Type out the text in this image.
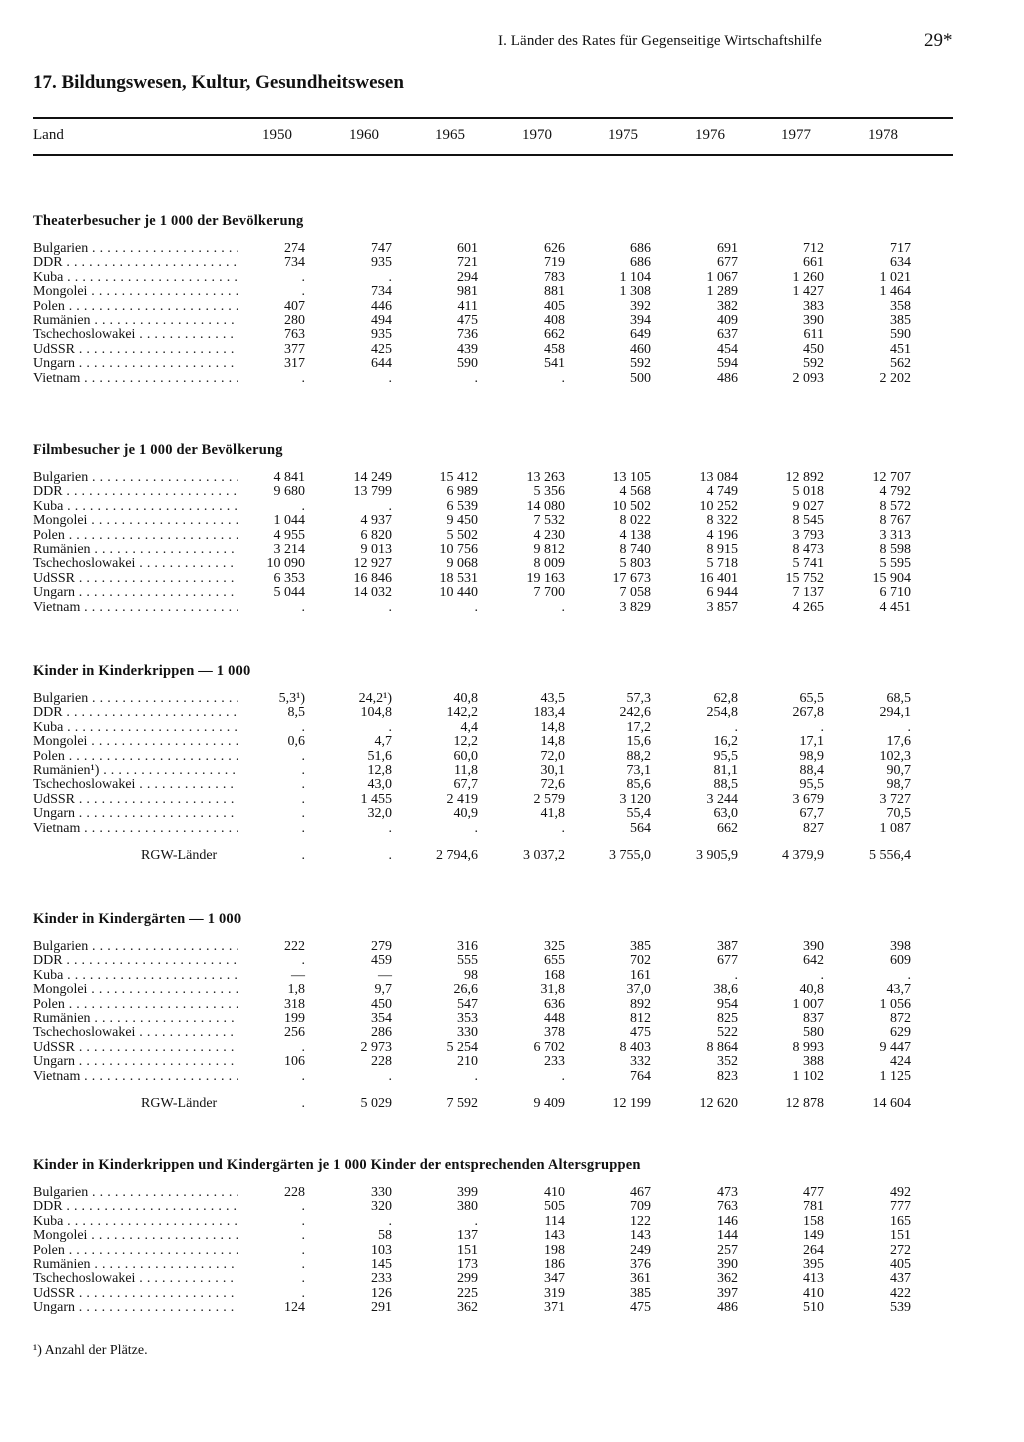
I. Länder des Rates für Gegenseitige Wirtschaftshilfe	29*
17. Bildungswesen, Kultur, Gesundheitswesen
Land	1950	1960	1965	1970	1975	1976	1977	1978
Theaterbesucher je 1 000 der Bevölkerung
Bulgarien . . .	274	747	601	626	686	691	712	717
DDR . . .	734	935	721	719	686	677	661	634
Kuba . . .	.	.	294	783	1 104	1 067	1 260	1 021
Mongolei . . .	.	734	981	881	1 308	1 289	1 427	1 464
Polen . . .	407	446	411	405	392	382	383	358
Rumänien . . .	280	494	475	408	394	409	390	385
Tschechoslowakei . . .	763	935	736	662	649	637	611	590
UdSSR . . .	377	425	439	458	460	454	450	451
Ungarn . . .	317	644	590	541	592	594	592	562
Vietnam . . .	.	.	.	.	500	486	2 093	2 202
Filmbesucher je 1 000 der Bevölkerung
Bulgarien . . .	4 841	14 249	15 412	13 263	13 105	13 084	12 892	12 707
DDR . . .	9 680	13 799	6 989	5 356	4 568	4 749	5 018	4 792
Kuba . . .	.	.	6 539	14 080	10 502	10 252	9 027	8 572
Mongolei . . .	1 044	4 937	9 450	7 532	8 022	8 322	8 545	8 767
Polen . . .	4 955	6 820	5 502	4 230	4 138	4 196	3 793	3 313
Rumänien . . .	3 214	9 013	10 756	9 812	8 740	8 915	8 473	8 598
Tschechoslowakei . . .	10 090	12 927	9 068	8 009	5 803	5 718	5 741	5 595
UdSSR . . .	6 353	16 846	18 531	19 163	17 673	16 401	15 752	15 904
Ungarn . . .	5 044	14 032	10 440	7 700	7 058	6 944	7 137	6 710
Vietnam . . .	.	.	.	.	3 829	3 857	4 265	4 451
Kinder in Kinderkrippen — 1 000
Bulgarien . . .	5,3¹)	24,2¹)	40,8	43,5	57,3	62,8	65,5	68,5
DDR . . .	8,5	104,8	142,2	183,4	242,6	254,8	267,8	294,1
Kuba . . .	.	.	4,4	14,8	17,2	.	.	.
Mongolei . . .	0,6	4,7	12,2	14,8	15,6	16,2	17,1	17,6
Polen . . .	.	51,6	60,0	72,0	88,2	95,5	98,9	102,3
Rumänien¹) . . .	.	12,8	11,8	30,1	73,1	81,1	88,4	90,7
Tschechoslowakei . . .	.	43,0	67,7	72,6	85,6	88,5	95,5	98,7
UdSSR . . .	.	1 455	2 419	2 579	3 120	3 244	3 679	3 727
Ungarn . . .	.	32,0	40,9	41,8	55,4	63,0	67,7	70,5
Vietnam . . .	.	.	.	.	564	662	827	1 087
RGW-Länder	.	.	2 794,6	3 037,2	3 755,0	3 905,9	4 379,9	5 556,4
Kinder in Kindergärten — 1 000
Bulgarien . . .	222	279	316	325	385	387	390	398
DDR . . .	.	459	555	655	702	677	642	609
Kuba . . .	—	—	98	168	161	.	.	.
Mongolei . . .	1,8	9,7	26,6	31,8	37,0	38,6	40,8	43,7
Polen . . .	318	450	547	636	892	954	1 007	1 056
Rumänien . . .	199	354	353	448	812	825	837	872
Tschechoslowakei . . .	256	286	330	378	475	522	580	629
UdSSR . . .	.	2 973	5 254	6 702	8 403	8 864	8 993	9 447
Ungarn . . .	106	228	210	233	332	352	388	424
Vietnam . . .	.	.	.	.	764	823	1 102	1 125
RGW-Länder	.	5 029	7 592	9 409	12 199	12 620	12 878	14 604
Kinder in Kinderkrippen und Kindergärten je 1 000 Kinder der entsprechenden Altersgruppen
Bulgarien . . .	228	330	399	410	467	473	477	492
DDR . . .	.	320	380	505	709	763	781	777
Kuba . . .	.	.	.	114	122	146	158	165
Mongolei . . .	.	58	137	143	143	144	149	151
Polen . . .	.	103	151	198	249	257	264	272
Rumänien . . .	.	145	173	186	376	390	395	405
Tschechoslowakei . . .	.	233	299	347	361	362	413	437
UdSSR . . .	.	126	225	319	385	397	410	422
Ungarn . . .	124	291	362	371	475	486	510	539
¹) Anzahl der Plätze.
